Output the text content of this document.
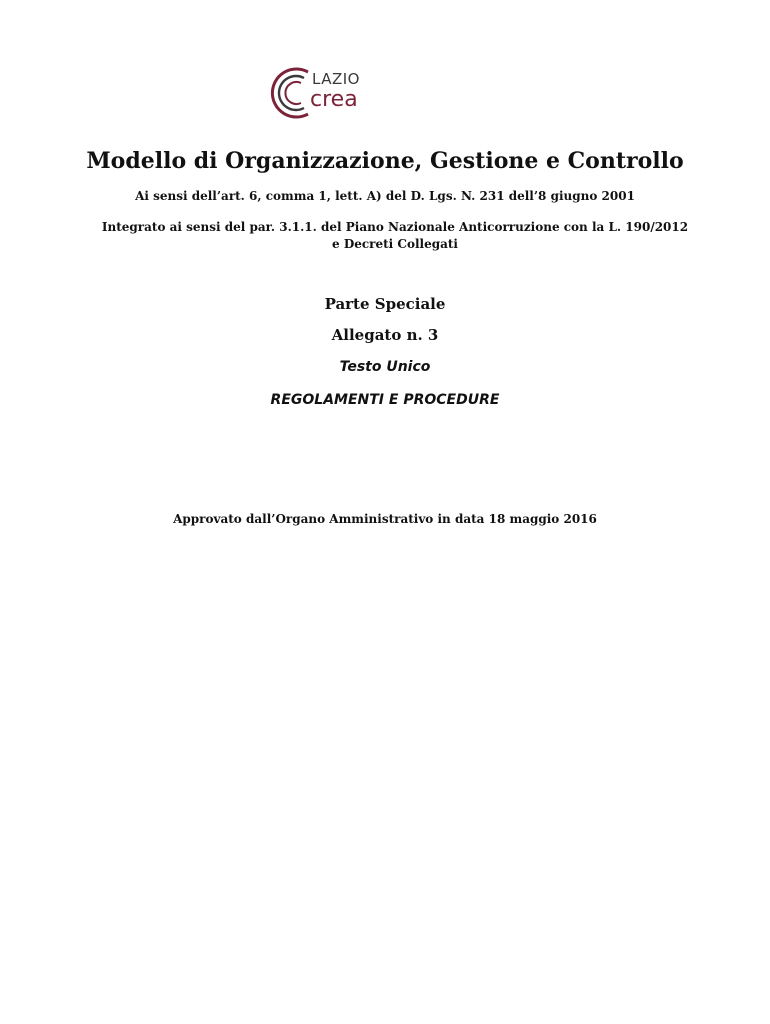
LAZIO
crea
Modello di Organizzazione, Gestione e Controllo
Ai sensi dell’art. 6, comma 1, lett. A) del D. Lgs. N. 231 dell’8 giugno 2001
Integrato ai sensi del par. 3.1.1. del Piano Nazionale Anticorruzione con la L. 190/2012 e Decreti Collegati
Parte Speciale
Allegato n. 3
Testo Unico
REGOLAMENTI E PROCEDURE
Approvato dall’Organo Amministrativo in data 18 maggio 2016
